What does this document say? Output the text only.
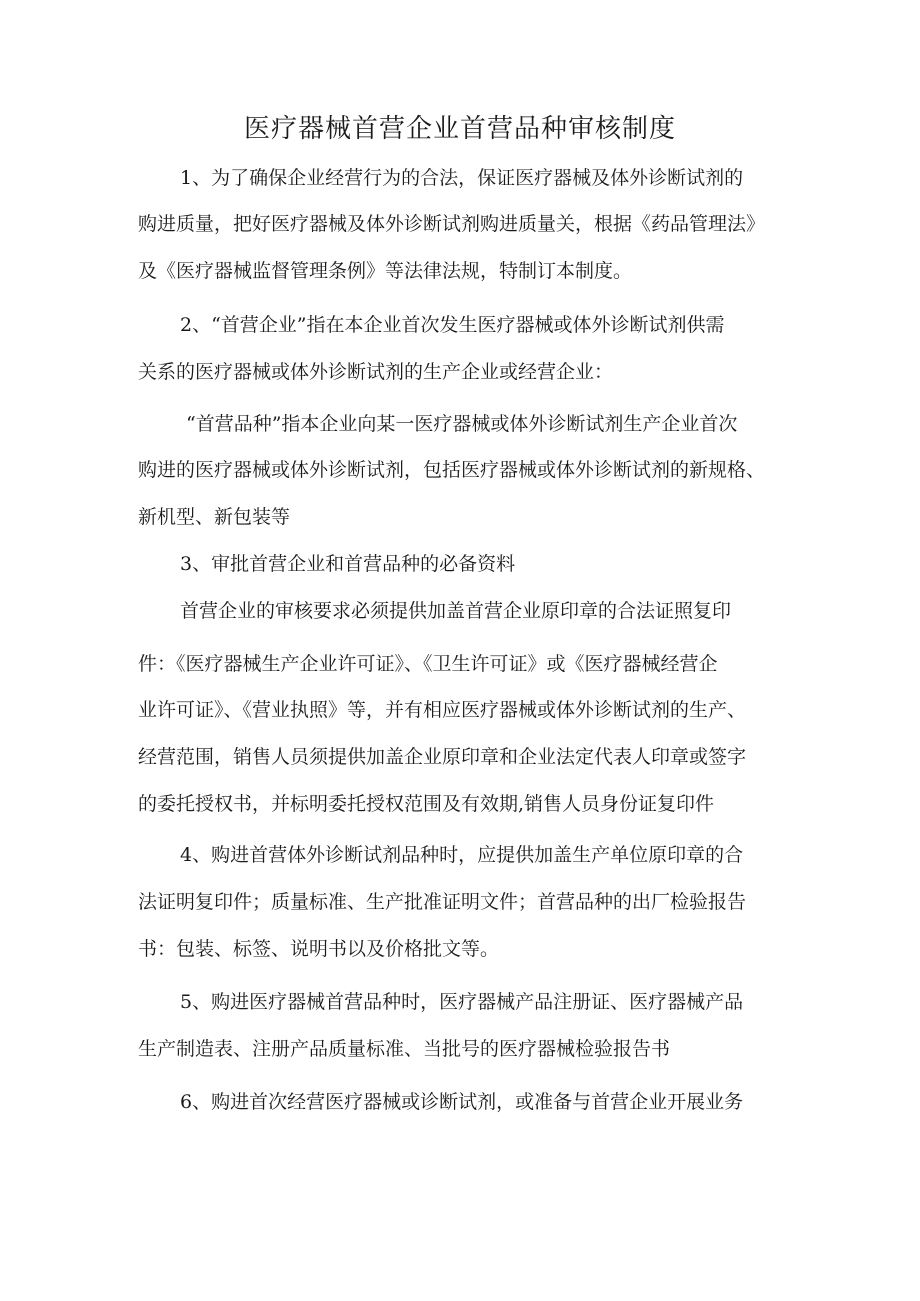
医疗器械首营企业首营品种审核制度

1、为了确保企业经营行为的合法，保证医疗器械及体外诊断试剂的

购进质量，把好医疗器械及体外诊断试剂购进质量关，根据《药品管理法》

及《医疗器械监督管理条例》等法律法规，特制订本制度。

2、“首营企业”指在本企业首次发生医疗器械或体外诊断试剂供需

关系的医疗器械或体外诊断试剂的生产企业或经营企业：

“首营品种”指本企业向某一医疗器械或体外诊断试剂生产企业首次

购进的医疗器械或体外诊断试剂，包括医疗器械或体外诊断试剂的新规格、

新机型、新包装等

3、审批首营企业和首营品种的必备资料

首营企业的审核要求必须提供加盖首营企业原印章的合法证照复印

件：《医疗器械生产企业许可证》、《卫生许可证》或《医疗器械经营企

业许可证》、《营业执照》等，并有相应医疗器械或体外诊断试剂的生产、

经营范围，销售人员须提供加盖企业原印章和企业法定代表人印章或签字

的委托授权书，并标明委托授权范围及有效期,销售人员身份证复印件

4、购进首营体外诊断试剂品种时，应提供加盖生产单位原印章的合

法证明复印件；质量标准、生产批准证明文件；首营品种的出厂检验报告

书：包装、标签、说明书以及价格批文等。

5、购进医疗器械首营品种时，医疗器械产品注册证、医疗器械产品

生产制造表、注册产品质量标准、当批号的医疗器械检验报告书

6、购进首次经营医疗器械或诊断试剂，或准备与首营企业开展业务
